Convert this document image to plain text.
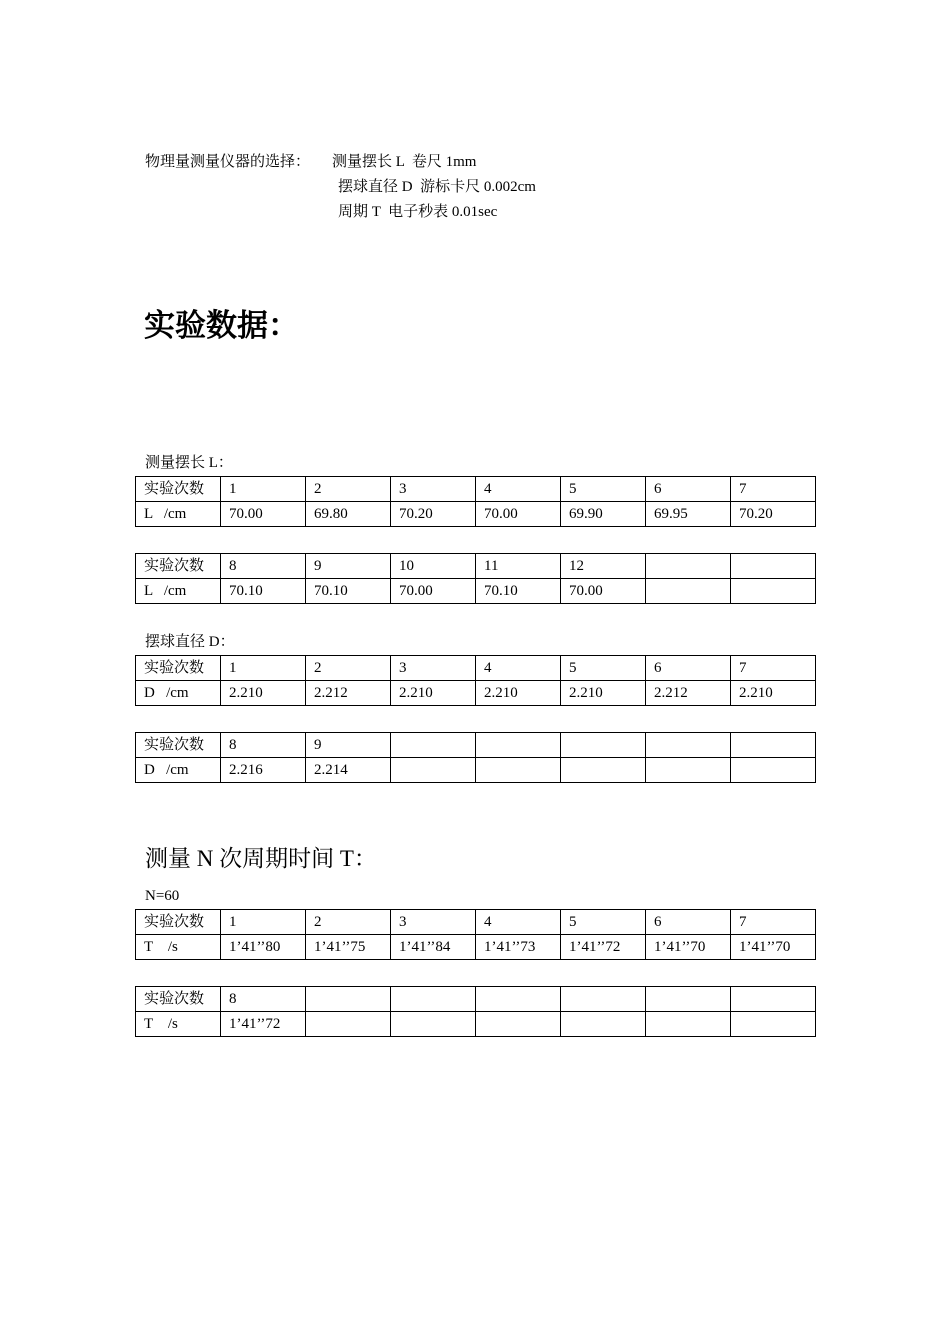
物理量测量仪器的选择：	测量摆长 L  卷尺 1mm
摆球直径 D  游标卡尺 0.002cm
周期 T  电子秒表 0.01sec
实验数据：
测量摆长 L：
实验次数	1	2	3	4	5	6	7
L   /cm	70.00	69.80	70.20	70.00	69.90	69.95	70.20
实验次数	8	9	10	11	12		
L   /cm	70.10	70.10	70.00	70.10	70.00		
摆球直径 D：
实验次数	1	2	3	4	5	6	7
D   /cm	2.210	2.212	2.210	2.210	2.210	2.212	2.210
实验次数	8	9					
D   /cm	2.216	2.214					
测量 N 次周期时间 T：
N=60
实验次数	1	2	3	4	5	6	7
T    /s	1’41’’80	1’41’’75	1’41’’84	1’41’’73	1’41’’72	1’41’’70	1’41’’70
实验次数	8						
T    /s	1’41’’72						
